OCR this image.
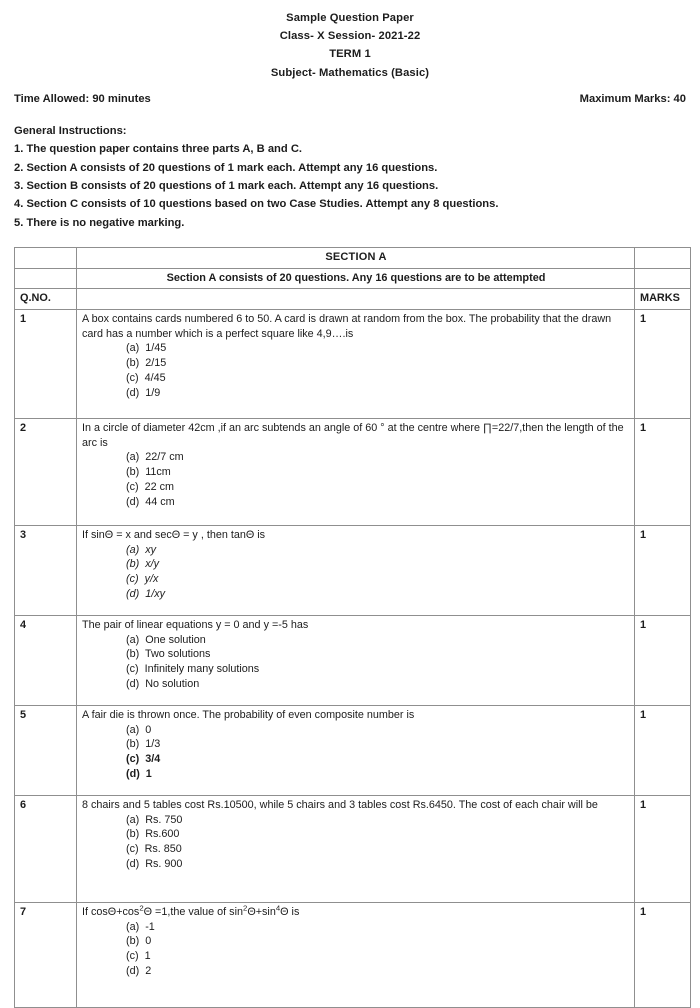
Sample Question Paper
Class- X Session- 2021-22
TERM 1
Subject- Mathematics (Basic)
Time Allowed: 90 minutes	Maximum Marks: 40
General Instructions:
1. The question paper contains three parts A, B and C.
2. Section A consists of 20 questions of 1 mark each. Attempt any 16 questions.
3. Section B consists of 20 questions of 1 mark each. Attempt any 16 questions.
4. Section C consists of 10 questions based on two Case Studies. Attempt any 8 questions.
5. There is no negative marking.
	SECTION A	
	Section A consists of 20 questions. Any 16 questions are to be attempted	
Q.NO.		MARKS
1	A box contains cards numbered 6 to 50. A card is drawn at random from the box. The probability that the drawn card has a number which is a perfect square like 4,9….is
(a)  1/45
(b)  2/15
(c)  4/45
(d)  1/9
	1
2	In a circle of diameter 42cm ,if an arc subtends an angle of 60 ° at the centre where ∏=22/7,then the length of the arc is
(a)  22/7 cm
(b)  11cm
(c)  22 cm
(d)  44 cm
	1
3	If sinΘ = x and secΘ = y , then tanΘ is
(a)  xy
(b)  x/y
(c)  y/x
(d)  1/xy
	1
4	The pair of linear equations y = 0 and y =-5 has
(a)  One solution
(b)  Two solutions
(c)  Infinitely many solutions
(d)  No solution
	1
5	A fair die is thrown once. The probability of even composite number is
(a)  0
(b)  1/3
(c)  3/4
(d)  1
	1
6	8 chairs and 5 tables cost Rs.10500, while 5 chairs and 3 tables cost Rs.6450. The cost of each chair will be
(a)  Rs. 750
(b)  Rs.600
(c)  Rs. 850
(d)  Rs. 900
	1
7	If $\cos\Theta+\cos^2\Theta =1,the$ value of $\sin^2\Theta+\sin^4\Theta$ is
(a)  -1
(b)  0
(c)  1
(d)  2
	1
